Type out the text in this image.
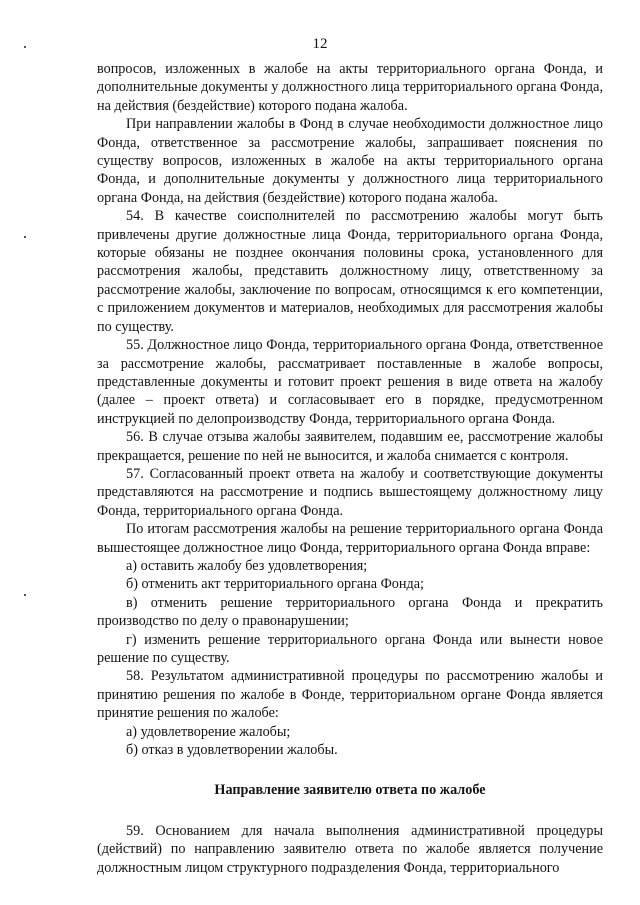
12

вопросов, изложенных в жалобе на акты территориального органа Фонда, и дополнительные документы у должностного лица территориального органа Фонда, на действия (бездействие) которого подана жалоба.

При направлении жалобы в Фонд в случае необходимости должностное лицо Фонда, ответственное за рассмотрение жалобы, запрашивает пояснения по существу вопросов, изложенных в жалобе на акты территориального органа Фонда, и дополнительные документы у должностного лица территориального органа Фонда, на действия (бездействие) которого подана жалоба.

54. В качестве соисполнителей по рассмотрению жалобы могут быть привлечены другие должностные лица Фонда, территориального органа Фонда, которые обязаны не позднее окончания половины срока, установленного для рассмотрения жалобы, представить должностному лицу, ответственному за рассмотрение жалобы, заключение по вопросам, относящимся к его компетенции, с приложением документов и материалов, необходимых для рассмотрения жалобы по существу.

55. Должностное лицо Фонда, территориального органа Фонда, ответственное за рассмотрение жалобы, рассматривает поставленные в жалобе вопросы, представленные документы и готовит проект решения в виде ответа на жалобу (далее – проект ответа) и согласовывает его в порядке, предусмотренном инструкцией по делопроизводству Фонда, территориального органа Фонда.

56. В случае отзыва жалобы заявителем, подавшим ее, рассмотрение жалобы прекращается, решение по ней не выносится, и жалоба снимается с контроля.

57. Согласованный проект ответа на жалобу и соответствующие документы представляются на рассмотрение и подпись вышестоящему должностному лицу Фонда, территориального органа Фонда.

По итогам рассмотрения жалобы на решение территориального органа Фонда вышестоящее должностное лицо Фонда, территориального органа Фонда вправе:

а) оставить жалобу без удовлетворения;

б) отменить акт территориального органа Фонда;

в) отменить решение территориального органа Фонда и прекратить производство по делу о правонарушении;

г) изменить решение территориального органа Фонда или вынести новое решение по существу.

58. Результатом административной процедуры по рассмотрению жалобы и принятию решения по жалобе в Фонде, территориальном органе Фонда является принятие решения по жалобе:

а) удовлетворение жалобы;

б) отказ в удовлетворении жалобы.

Направление заявителю ответа по жалобе

59. Основанием для начала выполнения административной процедуры (действий) по направлению заявителю ответа по жалобе является получение должностным лицом структурного подразделения Фонда, территориального
